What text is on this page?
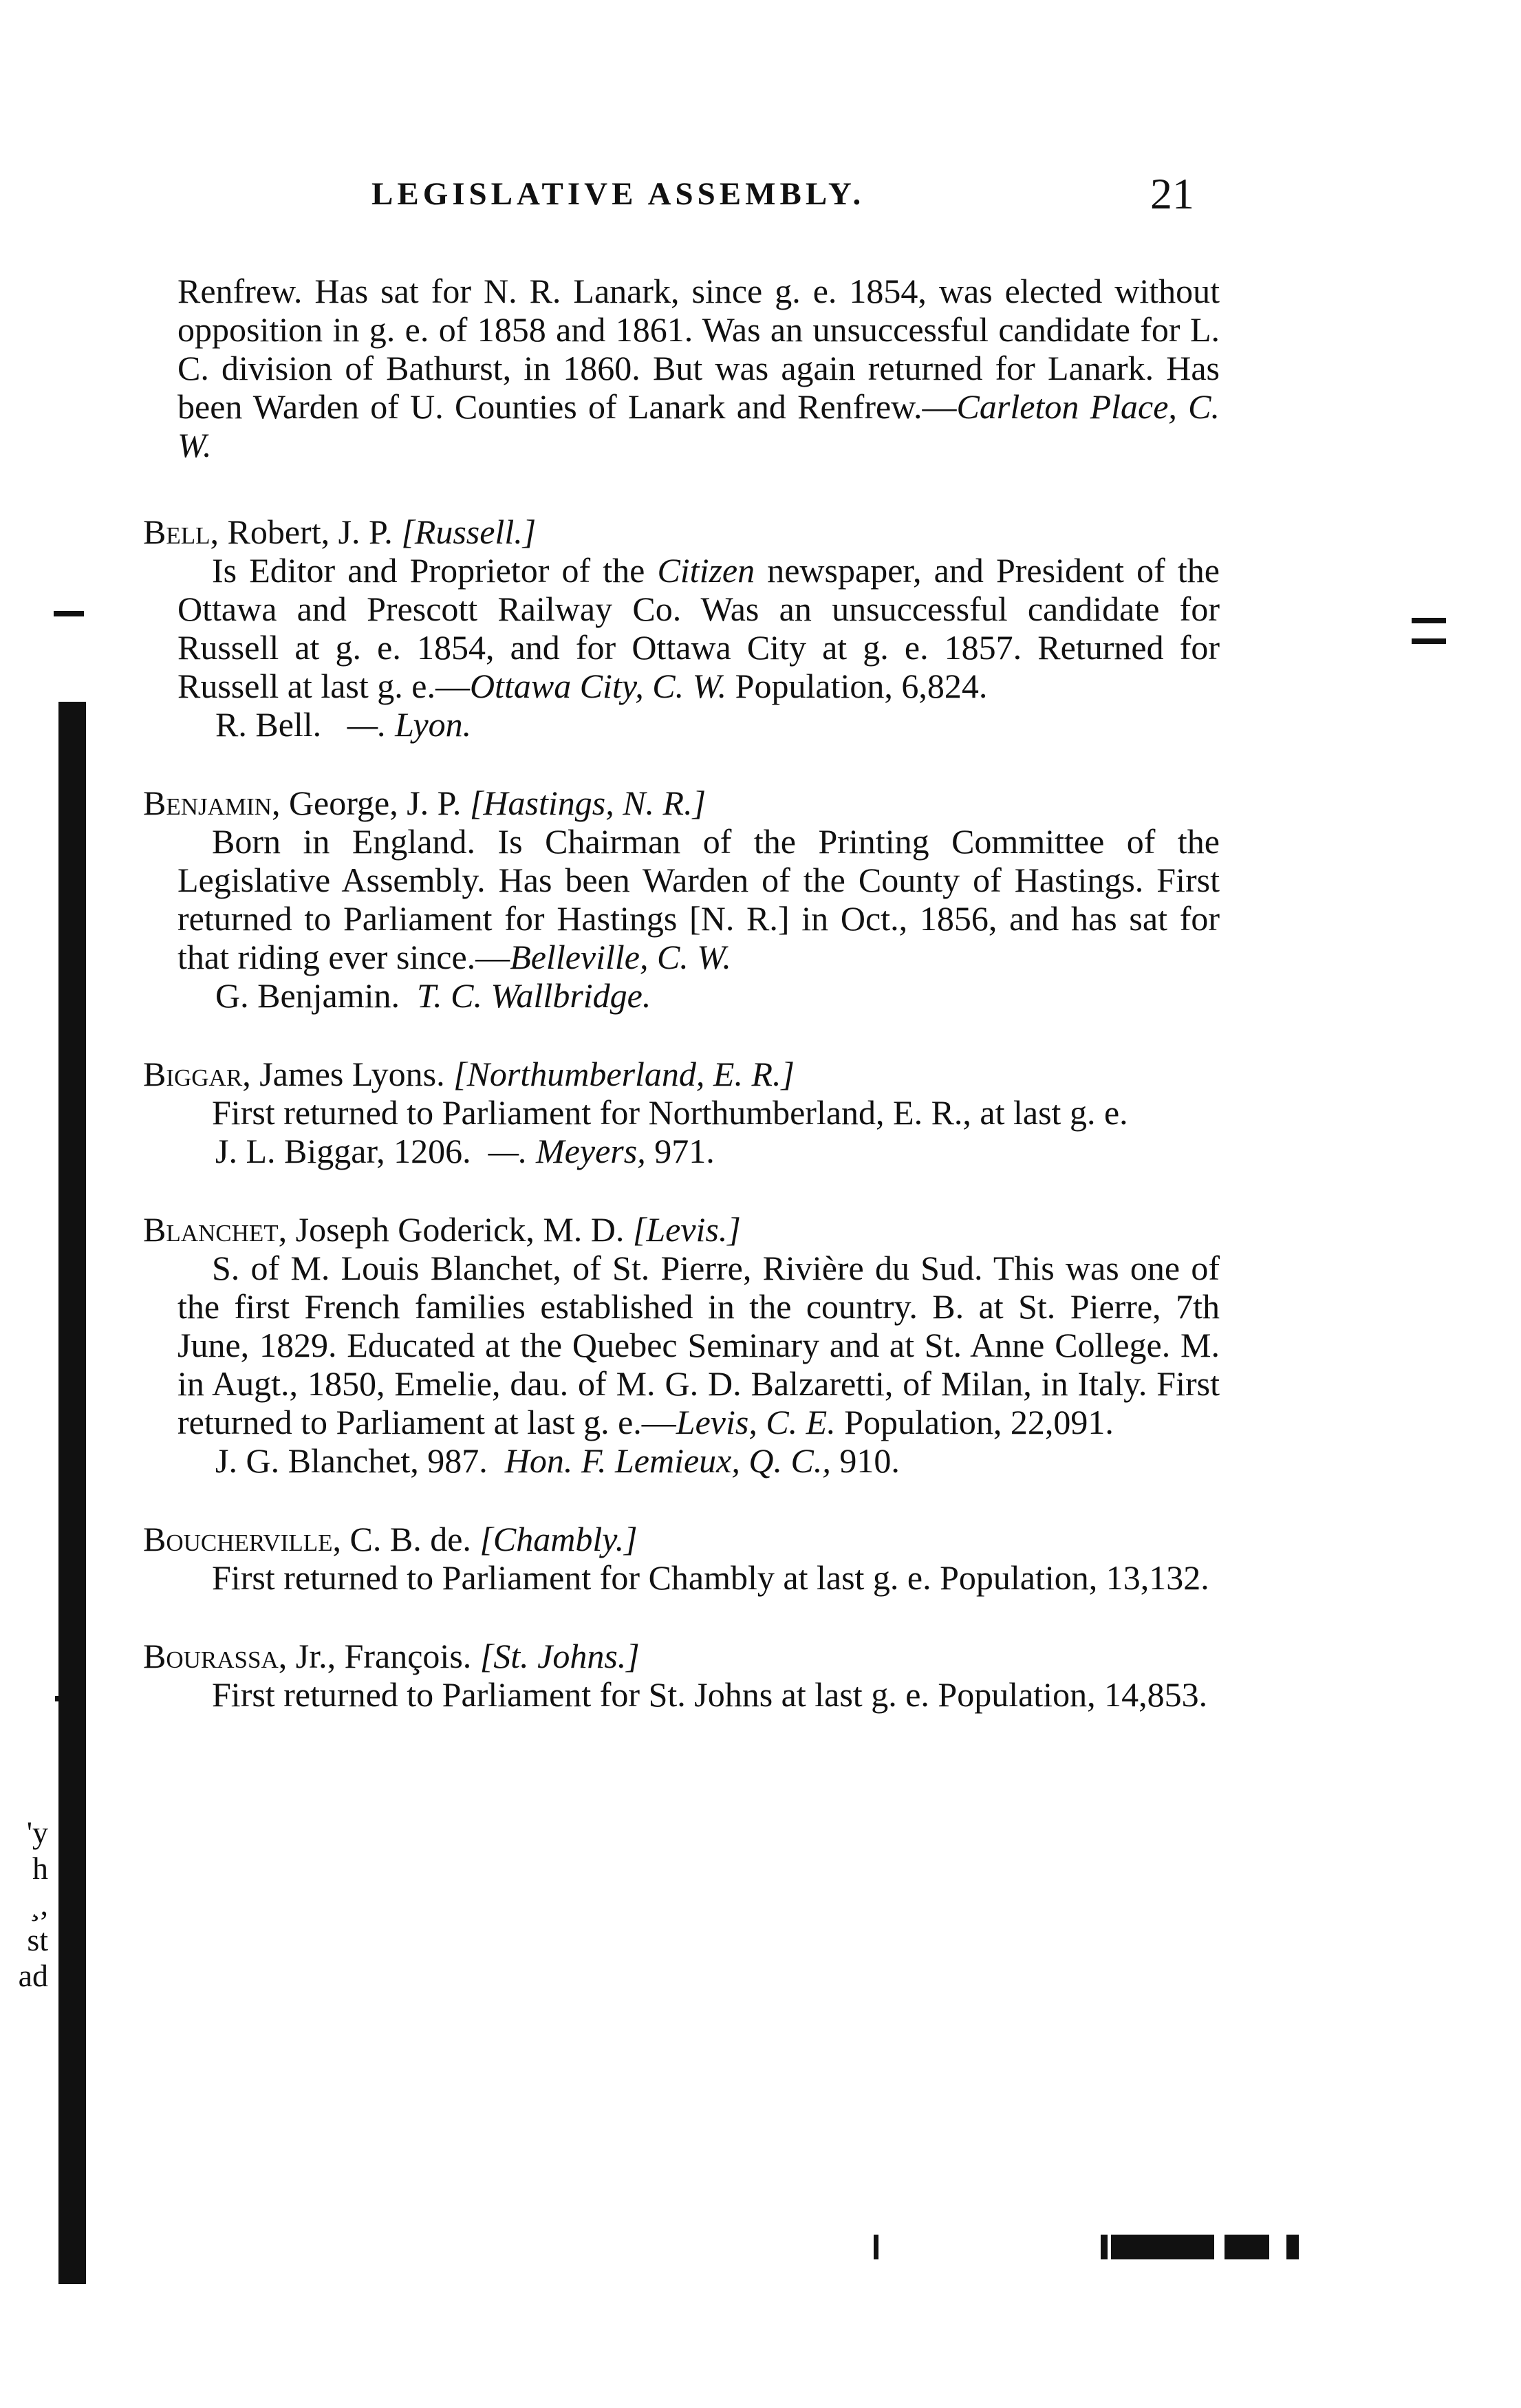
LEGISLATIVE ASSEMBLY.	21
Renfrew. Has sat for N. R. Lanark, since g. e. 1854, was elected without opposition in g. e. of 1858 and 1861. Was an unsuccessful candidate for L. C. division of Bathurst, in 1860. But was again returned for Lanark. Has been Warden of U. Counties of Lanark and Renfrew.—Carleton Place, C. W.
Bell, Robert, J. P. [Russell.]
Is Editor and Proprietor of the Citizen newspaper, and President of the Ottawa and Prescott Railway Co. Was an unsuccessful candidate for Russell at g. e. 1854, and for Ottawa City at g. e. 1857. Returned for Russell at last g. e.—Ottawa City, C. W. Population, 6,824.
R. Bell. —. Lyon.
Benjamin, George, J. P. [Hastings, N. R.]
Born in England. Is Chairman of the Printing Committee of the Legislative Assembly. Has been Warden of the County of Hastings. First returned to Parliament for Hastings [N. R.] in Oct., 1856, and has sat for that riding ever since.—Belleville, C. W.
G. Benjamin. T. C. Wallbridge.
Biggar, James Lyons. [Northumberland, E. R.]
First returned to Parliament for Northumberland, E. R., at last g. e.
J. L. Biggar, 1206. —. Meyers, 971.
Blanchet, Joseph Goderick, M. D. [Levis.]
S. of M. Louis Blanchet, of St. Pierre, Rivière du Sud. This was one of the first French families established in the country. B. at St. Pierre, 7th June, 1829. Educated at the Quebec Seminary and at St. Anne College. M. in Augt., 1850, Emelie, dau. of M. G. D. Balzaretti, of Milan, in Italy. First returned to Parliament at last g. e.—Levis, C. E. Population, 22,091.
J. G. Blanchet, 987. Hon. F. Lemieux, Q. C., 910.
Boucherville, C. B. de. [Chambly.]
First returned to Parliament for Chambly at last g. e. Population, 13,132.
Bourassa, Jr., François. [St. Johns.]
First returned to Parliament for St. Johns at last g. e. Population, 14,853.
'y
h
¸,
st
ad
